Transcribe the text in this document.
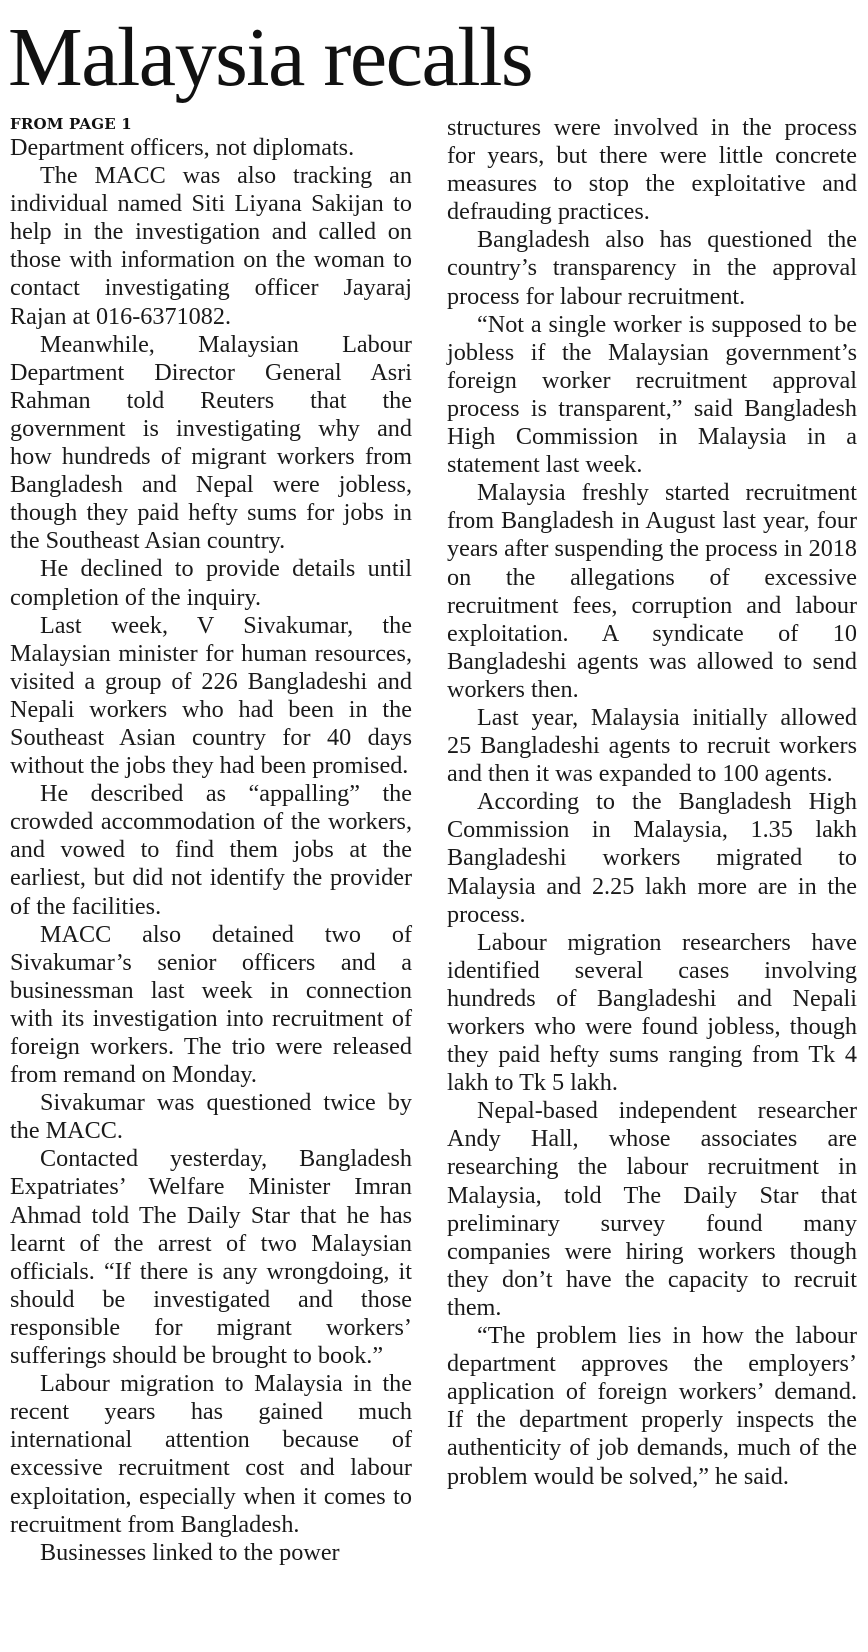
Malaysia recalls
FROM PAGE 1

Department officers, not diplomats.

The MACC was also tracking an individual named Siti Liyana Sakijan to help in the investigation and called on those with information on the woman to contact investigating officer Jayaraj Rajan at 016-6371082.

Meanwhile, Malaysian Labour Department Director General Asri Rahman told Reuters that the government is investigating why and how hundreds of migrant workers from Bangladesh and Nepal were jobless, though they paid hefty sums for jobs in the Southeast Asian country.

He declined to provide details until completion of the inquiry.

Last week, V Sivakumar, the Malaysian minister for human resources, visited a group of 226 Bangladeshi and Nepali workers who had been in the Southeast Asian country for 40 days without the jobs they had been promised.

He described as “appalling” the crowded accommodation of the workers, and vowed to find them jobs at the earliest, but did not identify the provider of the facilities.

MACC also detained two of Sivakumar’s senior officers and a businessman last week in connection with its investigation into recruitment of foreign workers. The trio were released from remand on Monday.

Sivakumar was questioned twice by the MACC.

Contacted yesterday, Bangladesh Expatriates’ Welfare Minister Imran Ahmad told The Daily Star that he has learnt of the arrest of two Malaysian officials. “If there is any wrongdoing, it should be investigated and those responsible for migrant workers’ sufferings should be brought to book.”

Labour migration to Malaysia in the recent years has gained much international attention because of excessive recruitment cost and labour exploitation, especially when it comes to recruitment from Bangladesh.

Businesses linked to the power

structures were involved in the process for years, but there were little concrete measures to stop the exploitative and defrauding practices.

Bangladesh also has questioned the country’s transparency in the approval process for labour recruitment.

“Not a single worker is supposed to be jobless if the Malaysian government’s foreign worker recruitment approval process is transparent,” said Bangladesh High Commission in Malaysia in a statement last week.

Malaysia freshly started recruitment from Bangladesh in August last year, four years after suspending the process in 2018 on the allegations of excessive recruitment fees, corruption and labour exploitation. A syndicate of 10 Bangladeshi agents was allowed to send workers then.

Last year, Malaysia initially allowed 25 Bangladeshi agents to recruit workers and then it was expanded to 100 agents.

According to the Bangladesh High Commission in Malaysia, 1.35 lakh Bangladeshi workers migrated to Malaysia and 2.25 lakh more are in the process.

Labour migration researchers have identified several cases involving hundreds of Bangladeshi and Nepali workers who were found jobless, though they paid hefty sums ranging from Tk 4 lakh to Tk 5 lakh.

Nepal-based independent researcher Andy Hall, whose associates are researching the labour recruitment in Malaysia, told The Daily Star that preliminary survey found many companies were hiring workers though they don’t have the capacity to recruit them.

“The problem lies in how the labour department approves the employers’ application of foreign workers’ demand. If the department properly inspects the authenticity of job demands, much of the problem would be solved,” he said.
